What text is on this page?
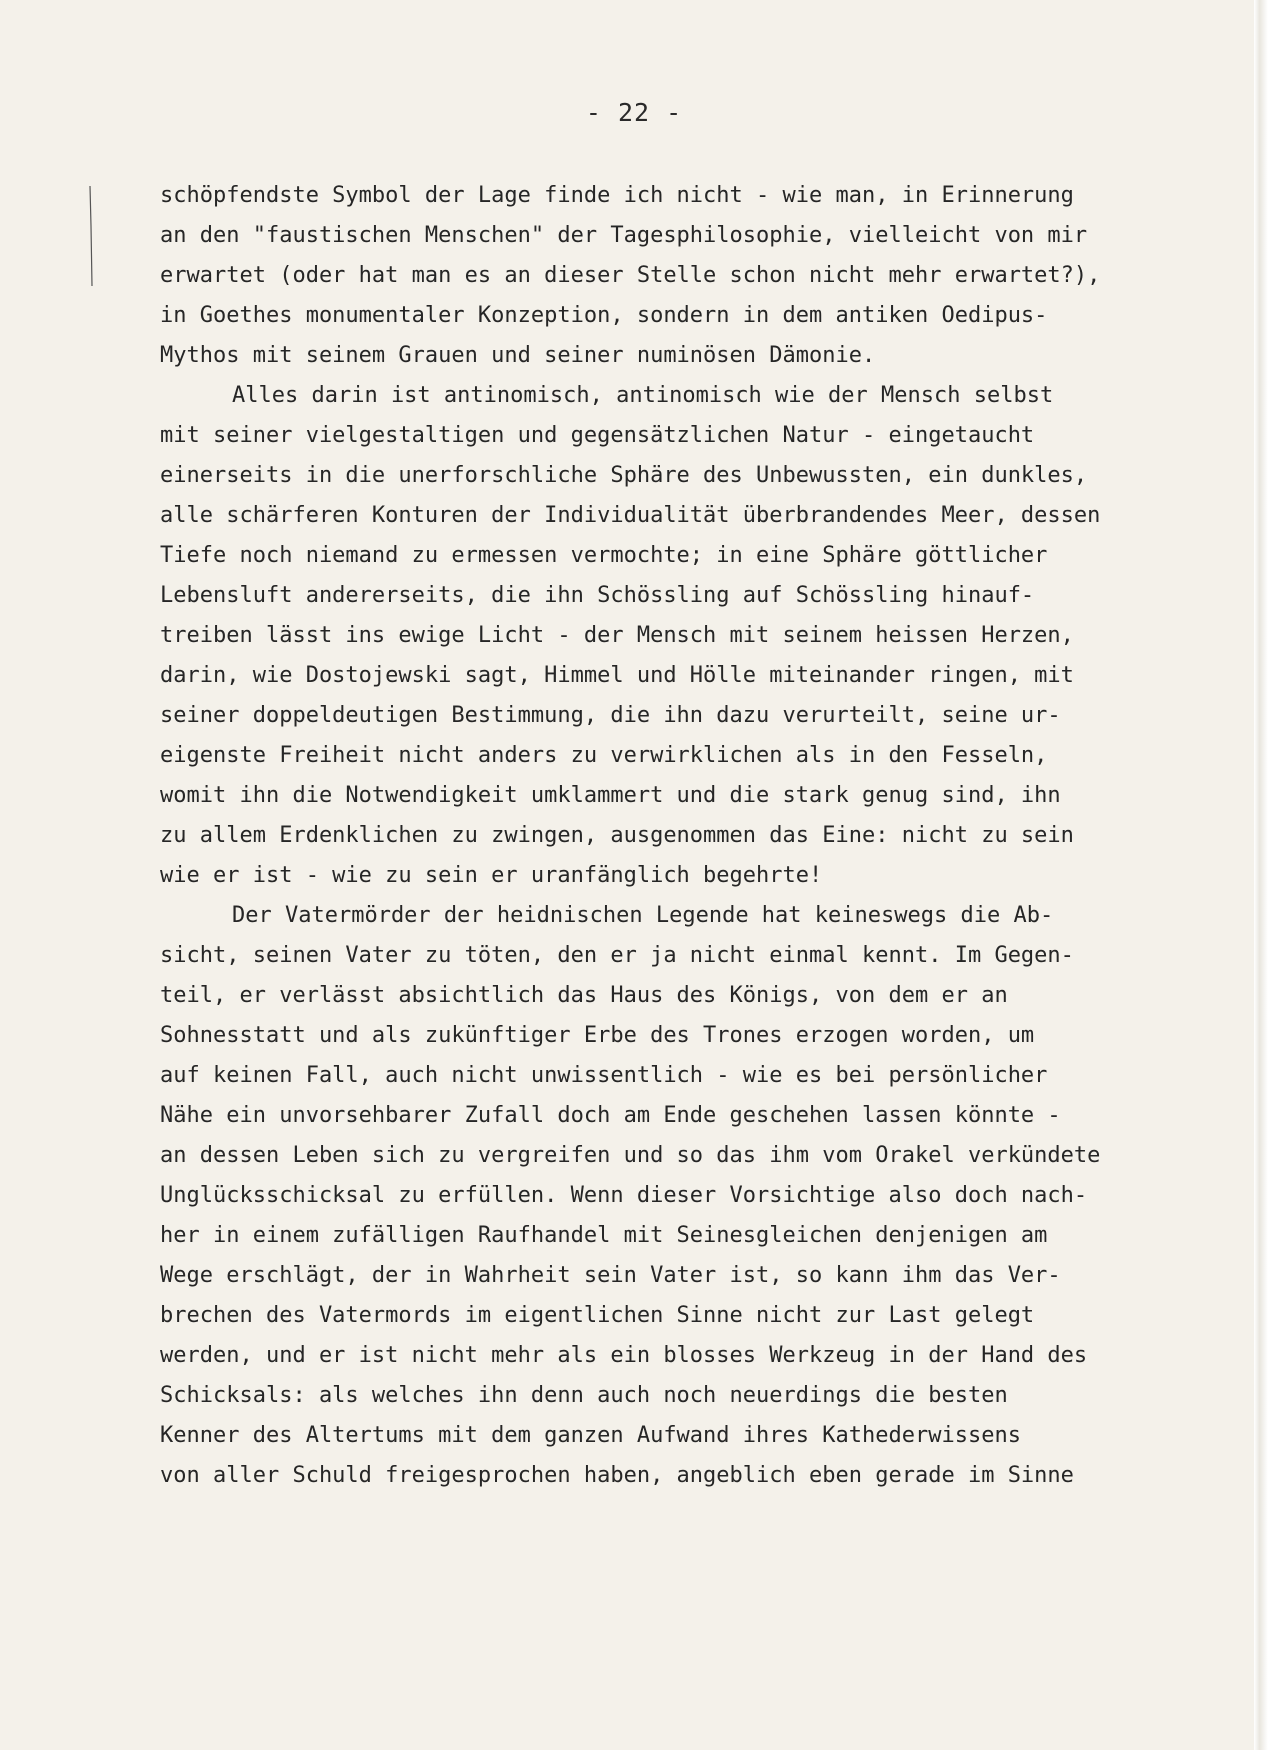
- 22 -
schöpfendste Symbol der Lage finde ich nicht - wie man, in Erinnerung
an den "faustischen Menschen" der Tagesphilosophie, vielleicht von mir
erwartet (oder hat man es an dieser Stelle schon nicht mehr erwartet?),
in Goethes monumentaler Konzeption, sondern in dem antiken Oedipus-
Mythos mit seinem Grauen und seiner numinösen Dämonie.
Alles darin ist antinomisch, antinomisch wie der Mensch selbst
mit seiner vielgestaltigen und gegensätzlichen Natur - eingetaucht
einerseits in die unerforschliche Sphäre des Unbewussten, ein dunkles,
alle schärferen Konturen der Individualität überbrandendes Meer, dessen
Tiefe noch niemand zu ermessen vermochte; in eine Sphäre göttlicher
Lebensluft andererseits, die ihn Schössling auf Schössling hinauf-
treiben lässt ins ewige Licht - der Mensch mit seinem heissen Herzen,
darin, wie Dostojewski sagt, Himmel und Hölle miteinander ringen, mit
seiner doppeldeutigen Bestimmung, die ihn dazu verurteilt, seine ur-
eigenste Freiheit nicht anders zu verwirklichen als in den Fesseln,
womit ihn die Notwendigkeit umklammert und die stark genug sind, ihn
zu allem Erdenklichen zu zwingen, ausgenommen das Eine: nicht zu sein
wie er ist - wie zu sein er uranfänglich begehrte!
Der Vatermörder der heidnischen Legende hat keineswegs die Ab-
sicht, seinen Vater zu töten, den er ja nicht einmal kennt. Im Gegen-
teil, er verlässt absichtlich das Haus des Königs, von dem er an
Sohnesstatt und als zukünftiger Erbe des Trones erzogen worden, um
auf keinen Fall, auch nicht unwissentlich - wie es bei persönlicher
Nähe ein unvorsehbarer Zufall doch am Ende geschehen lassen könnte -
an dessen Leben sich zu vergreifen und so das ihm vom Orakel verkündete
Unglücksschicksal zu erfüllen. Wenn dieser Vorsichtige also doch nach-
her in einem zufälligen Raufhandel mit Seinesgleichen denjenigen am
Wege erschlägt, der in Wahrheit sein Vater ist, so kann ihm das Ver-
brechen des Vatermords im eigentlichen Sinne nicht zur Last gelegt
werden, und er ist nicht mehr als ein blosses Werkzeug in der Hand des
Schicksals: als welches ihn denn auch noch neuerdings die besten
Kenner des Altertums mit dem ganzen Aufwand ihres Kathederwissens
von aller Schuld freigesprochen haben, angeblich eben gerade im Sinne
